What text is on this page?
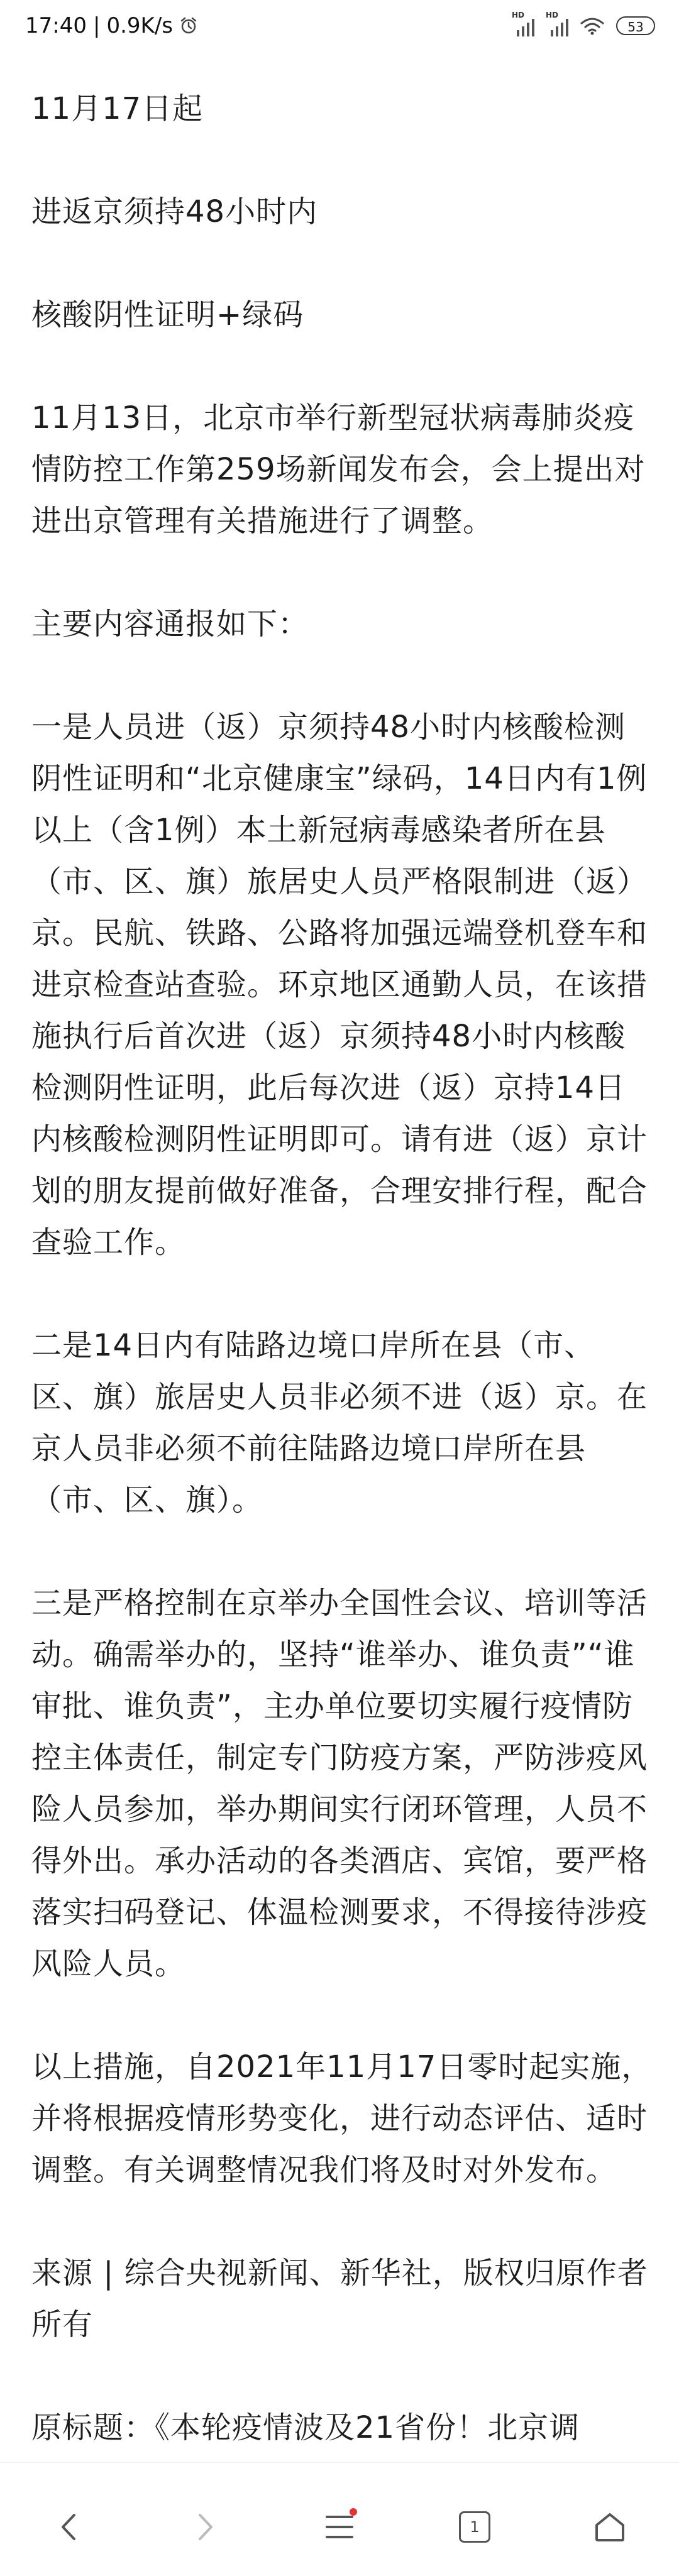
17:40 | 0.9K/s	HD	HD
53

11月17日起

进返京须持48小时内

核酸阴性证明+绿码

11月13日，北京市举行新型冠状病毒肺炎疫情防控工作第259场新闻发布会，会上提出对进出京管理有关措施进行了调整。

主要内容通报如下：

一是人员进（返）京须持48小时内核酸检测阴性证明和“北京健康宝”绿码，14日内有1例以上（含1例）本土新冠病毒感染者所在县（市、区、旗）旅居史人员严格限制进（返）京。民航、铁路、公路将加强远端登机登车和进京检查站查验。环京地区通勤人员，在该措施执行后首次进（返）京须持48小时内核酸检测阴性证明，此后每次进（返）京持14日内核酸检测阴性证明即可。请有进（返）京计划的朋友提前做好准备，合理安排行程，配合查验工作。

二是14日内有陆路边境口岸所在县（市、区、旗）旅居史人员非必须不进（返）京。在京人员非必须不前往陆路边境口岸所在县（市、区、旗）。

三是严格控制在京举办全国性会议、培训等活动。确需举办的，坚持“谁举办、谁负责”“谁审批、谁负责”，主办单位要切实履行疫情防控主体责任，制定专门防疫方案，严防涉疫风险人员参加，举办期间实行闭环管理，人员不得外出。承办活动的各类酒店、宾馆，要严格落实扫码登记、体温检测要求，不得接待涉疫风险人员。

以上措施，自2021年11月17日零时起实施，并将根据疫情形势变化，进行动态评估、适时调整。有关调整情况我们将及时对外发布。

来源 | 综合央视新闻、新华社，版权归原作者所有

原标题：《本轮疫情波及21省份！北京调

1
